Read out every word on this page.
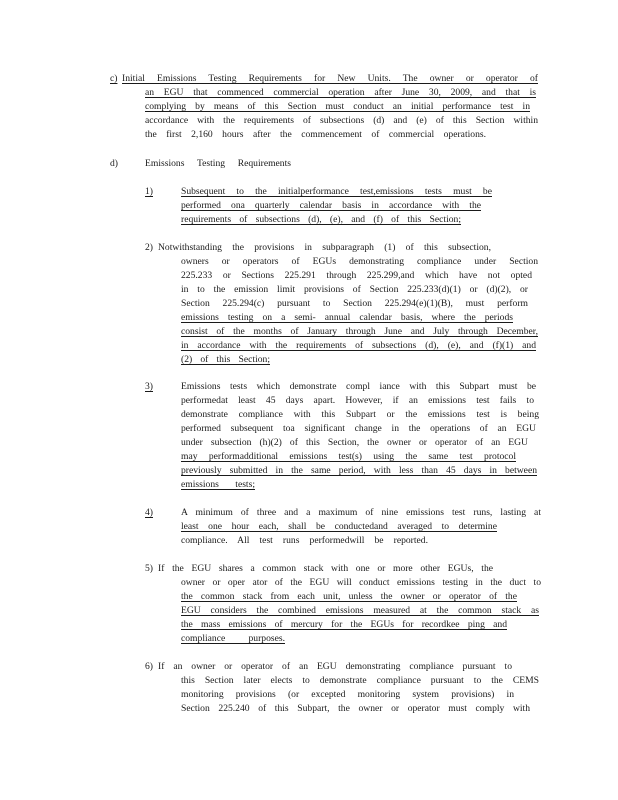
c) Initial Emissions Testing Requirements for New Units. The owner or operator of
an EGU that commenced commercial operation after June 30, 2009, and that is
complying by means of this Section must conduct an initial performance test in
accordance with the requirements of subsections (d) and (e) of this Section within
the first 2,160 hours after the commencement of commercial operations.
d)	Emissions Testing Requirements
1)	Subsequent to the initialperformance test,emissions tests must be
performed ona quarterly calendar basis in accordance with the
requirements of subsections (d), (e), and (f) of this Section;
2) Notwithstanding the provisions in subparagraph (1) of this subsection,
owners or operators of EGUs demonstrating compliance under Section
225.233 or Sections 225.291 through 225.299,and which have not opted
in to the emission limit provisions of Section 225.233(d)(1) or (d)(2), or
Section 225.294(c) pursuant to Section 225.294(e)(1)(B), must perform
emissions testing on a semi- annual calendar basis, where the periods
consist of the months of January through June and July through December,
in accordance with the requirements of subsections (d), (e), and (f)(1) and
(2) of this Section;
3)	Emissions tests which demonstrate compl iance with this Subpart must be
performedat least 45 days apart. However, if an emissions test fails to
demonstrate compliance with this Subpart or the emissions test is being
performed subsequent toa significant change in the operations of an EGU
under subsection (h)(2) of this Section, the owner or operator of an EGU
may performadditional emissions test(s) using the same test protocol
previously submitted in the same period, with less than 45 days in between
emissions tests;
4)	A minimum of three and a maximum of nine emissions test runs, lasting at
least one hour each, shall be conductedand averaged to determine
compliance. All test runs performedwill be reported.
5) If the EGU shares a common stack with one or more other EGUs, the
owner or oper ator of the EGU will conduct emissions testing in the duct to
the common stack from each unit, unless the owner or operator of the
EGU considers the combined emissions measured at the common stack as
the mass emissions of mercury for the EGUs for recordkee ping and
compliance purposes.
6) If an owner or operator of an EGU demonstrating compliance pursuant to
this Section later elects to demonstrate compliance pursuant to the CEMS
monitoring provisions (or excepted monitoring system provisions) in
Section 225.240 of this Subpart, the owner or operator must comply with
